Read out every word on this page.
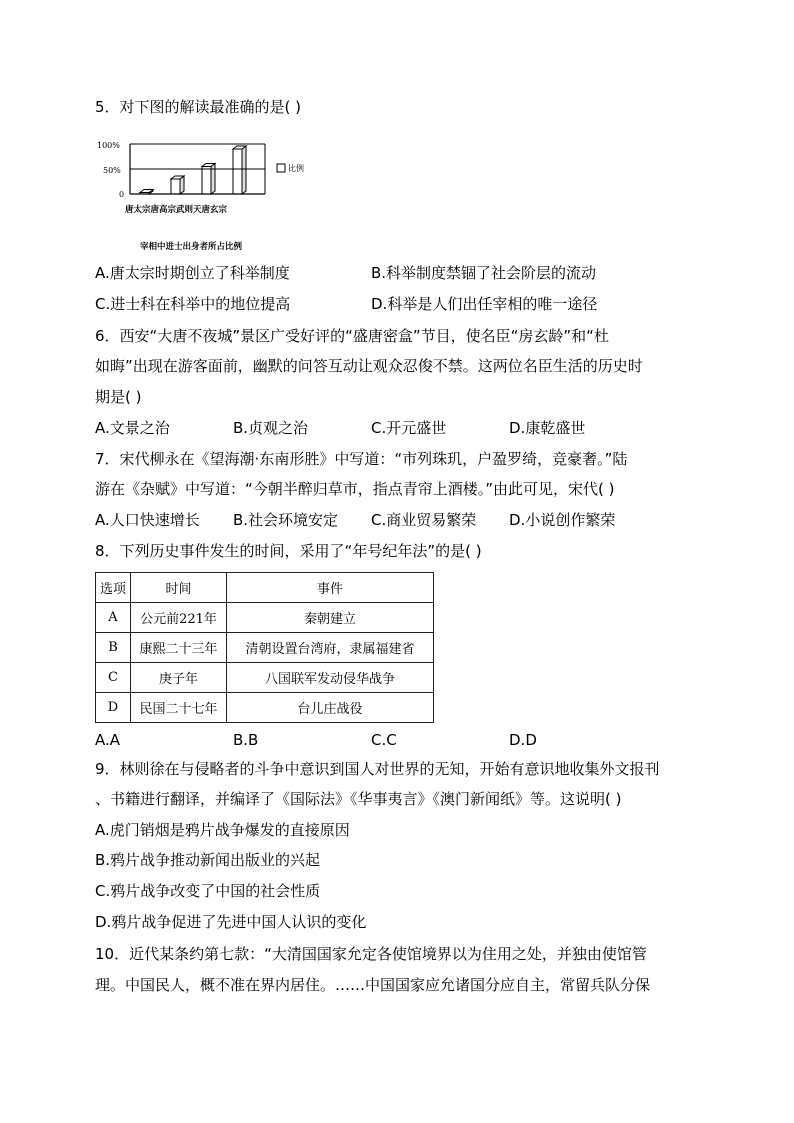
5．对下图的解读最准确的是( )
100%
50%
0
比例
唐太宗唐高宗武则天唐玄宗
宰相中进士出身者所占比例
A.唐太宗时期创立了科举制度	B.科举制度禁锢了社会阶层的流动
C.进士科在科举中的地位提高	D.科举是人们出任宰相的唯一途径
6．西安“大唐不夜城”景区广受好评的“盛唐密盒”节目，使名臣“房玄龄”和“杜
如晦”出现在游客面前，幽默的问答互动让观众忍俊不禁。这两位名臣生活的历史时
期是( )
A.文景之治	B.贞观之治	C.开元盛世	D.康乾盛世
7．宋代柳永在《望海潮·东南形胜》中写道：“市列珠玑，户盈罗绮，竞豪奢。”陆
游在《杂赋》中写道：“今朝半醉归草市，指点青帘上酒楼。”由此可见，宋代( )
A.人口快速增长 B.社会环境安定 C.商业贸易繁荣 D.小说创作繁荣
8．下列历史事件发生的时间，采用了“年号纪年法”的是( )
选项	时间	事件
A	公元前221年	秦朝建立
B	康熙二十三年	清朝设置台湾府，隶属福建省
C	庚子年	八国联军发动侵华战争
D	民国二十七年	台儿庄战役
A.A	B.B	C.C	D.D
9．林则徐在与侵略者的斗争中意识到国人对世界的无知，开始有意识地收集外文报刊
、书籍进行翻译，并编译了《国际法》《华事夷言》《澳门新闻纸》等。这说明( )
A.虎门销烟是鸦片战争爆发的直接原因
B.鸦片战争推动新闻出版业的兴起
C.鸦片战争改变了中国的社会性质
D.鸦片战争促进了先进中国人认识的变化
10．近代某条约第七款：“大清国国家允定各使馆境界以为住用之处，并独由使馆管
理。中国民人，概不准在界内居住。……中国国家应允诸国分应自主，常留兵队分保
